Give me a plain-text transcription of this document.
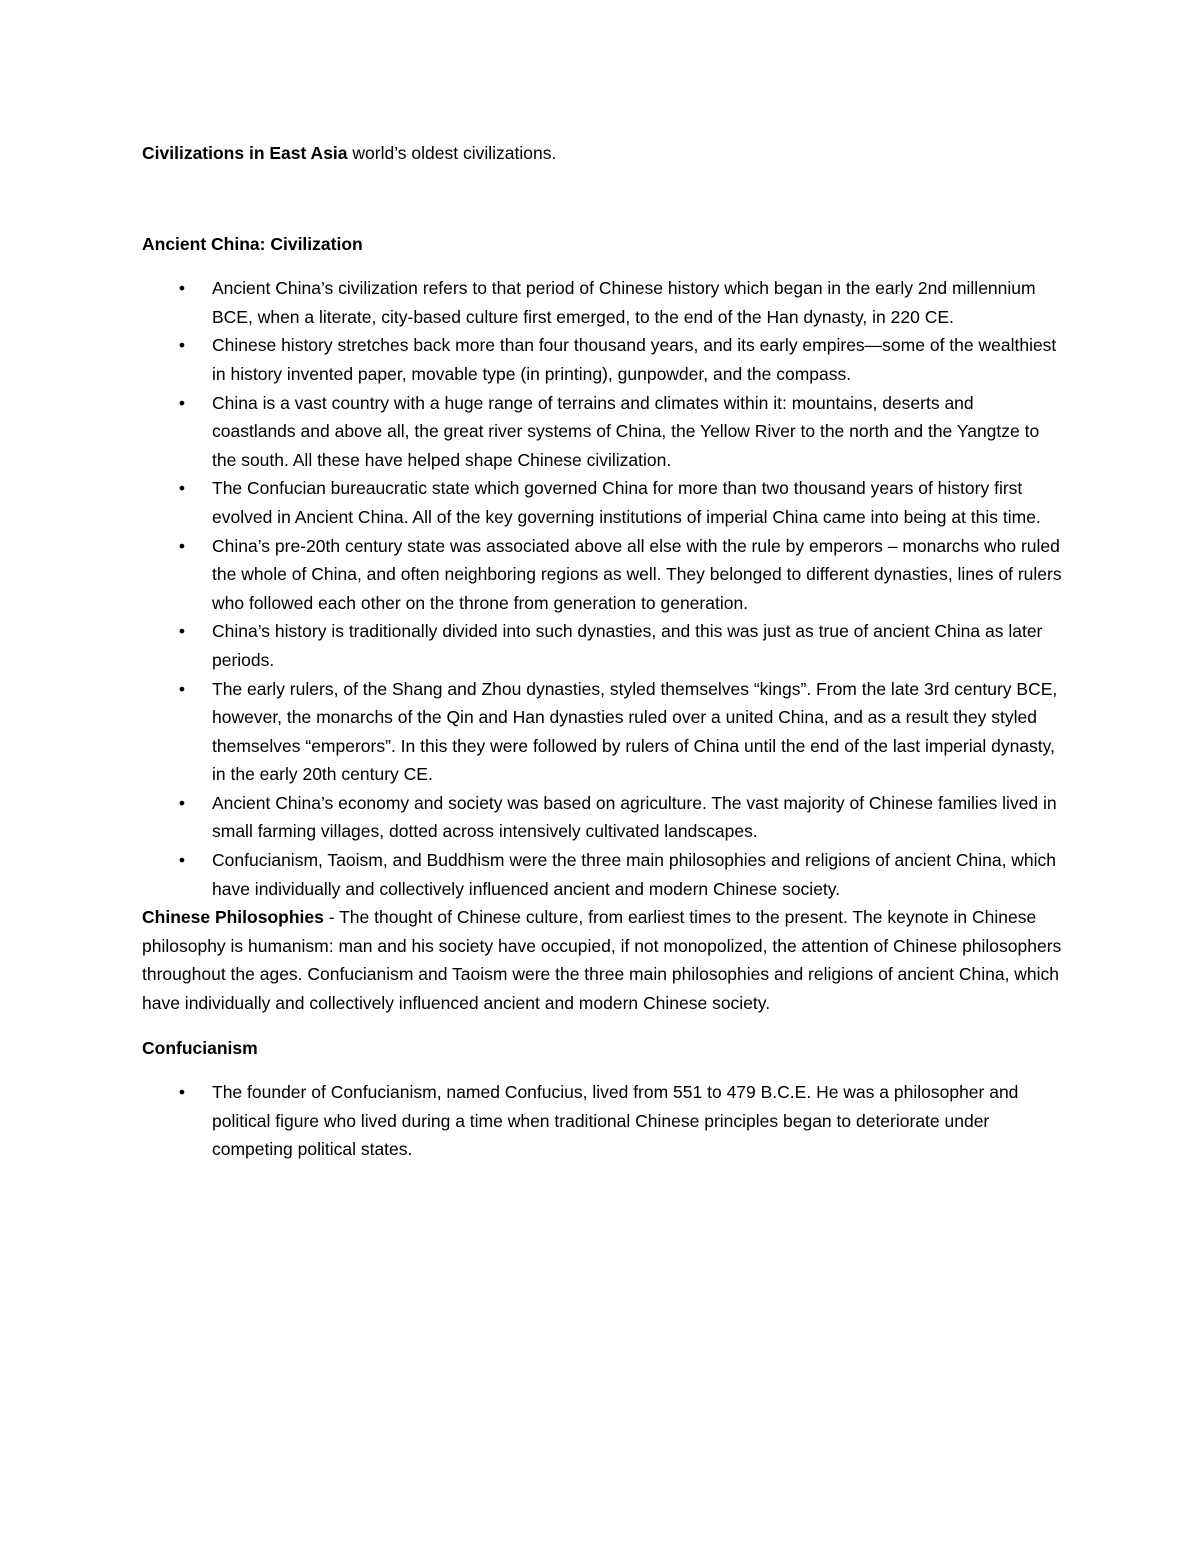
Civilizations in East Asia world’s oldest civilizations.

Ancient China: Civilization

•	Ancient China’s civilization refers to that period of Chinese history which began in the early 2nd millennium BCE, when a literate, city-based culture first emerged, to the end of the Han dynasty, in 220 CE.
•	Chinese history stretches back more than four thousand years, and its early empires—some of the wealthiest in history invented paper, movable type (in printing), gunpowder, and the compass.
•	China is a vast country with a huge range of terrains and climates within it: mountains, deserts and coastlands and above all, the great river systems of China, the Yellow River to the north and the Yangtze to the south. All these have helped shape Chinese civilization.
•	The Confucian bureaucratic state which governed China for more than two thousand years of history first evolved in Ancient China. All of the key governing institutions of imperial China came into being at this time.
•	China’s pre-20th century state was associated above all else with the rule by emperors – monarchs who ruled the whole of China, and often neighboring regions as well. They belonged to different dynasties, lines of rulers who followed each other on the throne from generation to generation.
•	China’s history is traditionally divided into such dynasties, and this was just as true of ancient China as later periods.
•	The early rulers, of the Shang and Zhou dynasties, styled themselves “kings”. From the late 3rd century BCE, however, the monarchs of the Qin and Han dynasties ruled over a united China, and as a result they styled themselves “emperors”. In this they were followed by rulers of China until the end of the last imperial dynasty, in the early 20th century CE.
•	Ancient China’s economy and society was based on agriculture. The vast majority of Chinese families lived in small farming villages, dotted across intensively cultivated landscapes.
•	Confucianism, Taoism, and Buddhism were the three main philosophies and religions of ancient China, which have individually and collectively influenced ancient and modern Chinese society.

Chinese Philosophies - The thought of Chinese culture, from earliest times to the present. The keynote in Chinese philosophy is humanism: man and his society have occupied, if not monopolized, the attention of Chinese philosophers throughout the ages. Confucianism and Taoism were the three main philosophies and religions of ancient China, which have individually and collectively influenced ancient and modern Chinese society.

Confucianism

•	The founder of Confucianism, named Confucius, lived from 551 to 479 B.C.E. He was a philosopher and political figure who lived during a time when traditional Chinese principles began to deteriorate under competing political states.
